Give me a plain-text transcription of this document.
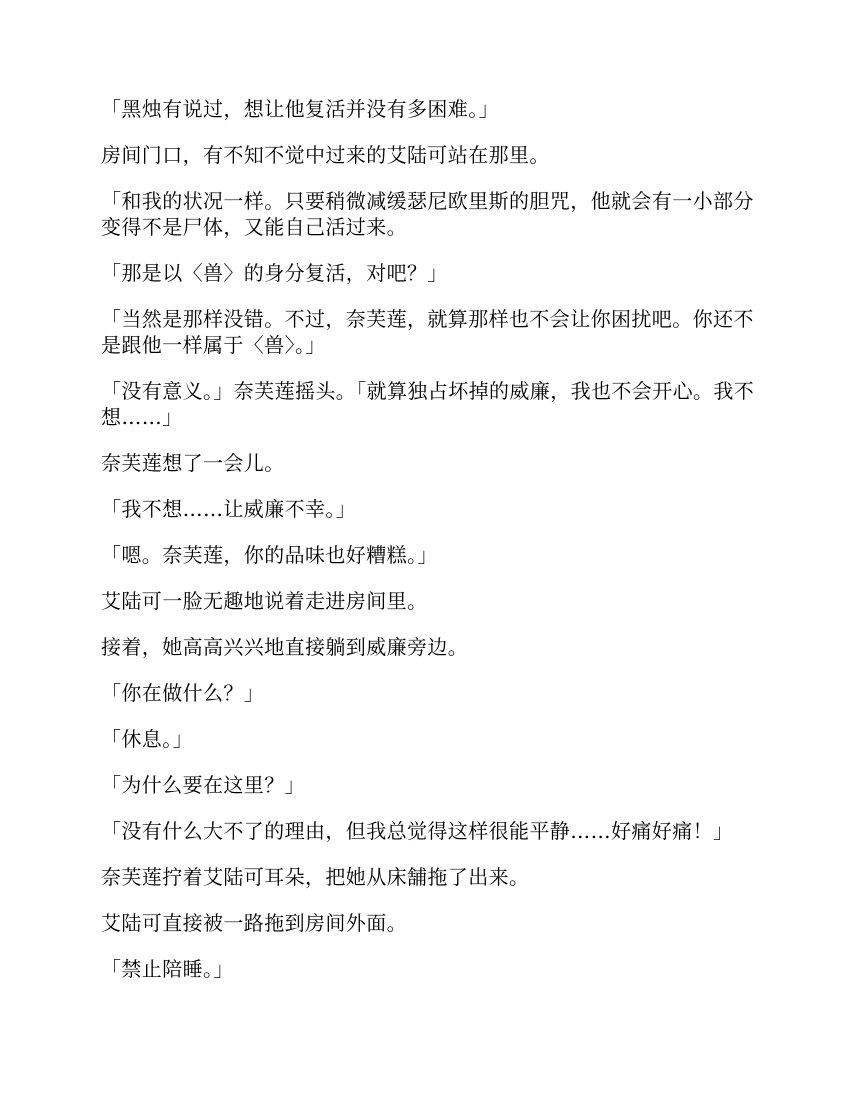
「黑烛有说过，想让他复活并没有多困难。」

房间门口，有不知不觉中过来的艾陆可站在那里。

「和我的状况一样。只要稍微减缓瑟尼欧里斯的胆咒，他就会有一小部分变得不是尸体，又能自己活过来。

「那是以〈兽〉的身分复活，对吧？」

「当然是那样没错。不过，奈芙莲，就算那样也不会让你困扰吧。你还不是跟他一样属于〈兽〉。」

「没有意义。」奈芙莲摇头。「就算独占坏掉的威廉，我也不会开心。我不想……」

奈芙莲想了一会儿。

「我不想……让威廉不幸。」

「嗯。奈芙莲，你的品味也好糟糕。」

艾陆可一脸无趣地说着走进房间里。

接着，她高高兴兴地直接躺到威廉旁边。

「你在做什么？」

「休息。」

「为什么要在这里？」

「没有什么大不了的理由，但我总觉得这样很能平静……好痛好痛！」

奈芙莲拧着艾陆可耳朵，把她从床舗拖了出来。

艾陆可直接被一路拖到房间外面。

「禁止陪睡。」
